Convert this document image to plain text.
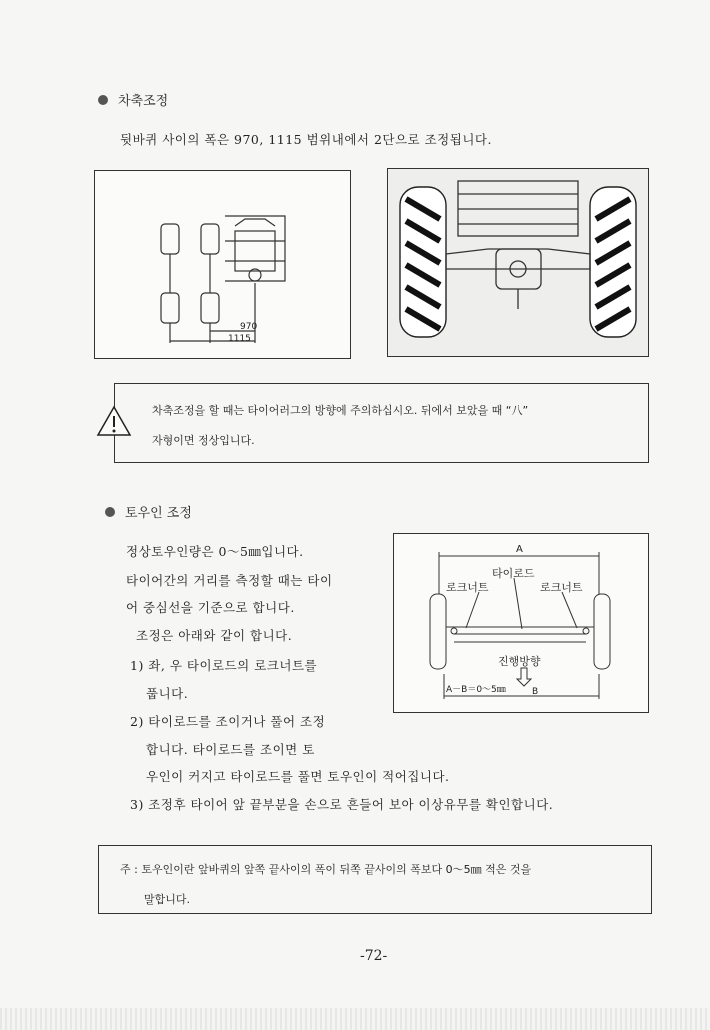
차축조정
뒷바퀴 사이의 폭은 970, 1115 범위내에서 2단으로 조정됩니다.
970
1115
차축조정을 할 때는 타이어러그의 방향에 주의하십시오. 뒤에서 보았을 때 “八”
자형이면 정상입니다.
토우인 조정
정상토우인량은 0～5㎜입니다.
타이어간의 거리를 측정할 때는 타이
어 중심선을 기준으로 합니다.
조정은 아래와 같이 합니다.
1) 좌, 우 타이로드의 로크너트를
풉니다.
2) 타이로드를 조이거나 풀어 조정
합니다. 타이로드를 조이면 토
우인이 커지고 타이로드를 풀면 토우인이 적어집니다.
3) 조정후 타이어 앞 끝부분을 손으로 흔들어 보아 이상유무를 확인합니다.
A
타이로드
로크너트	로크너트
진행방향
A－B＝0～5㎜	B
주 : 토우인이란 앞바퀴의 앞쪽 끝사이의 폭이 뒤쪽 끝사이의 폭보다 0～5㎜ 적은 것을
말합니다.
-72-
